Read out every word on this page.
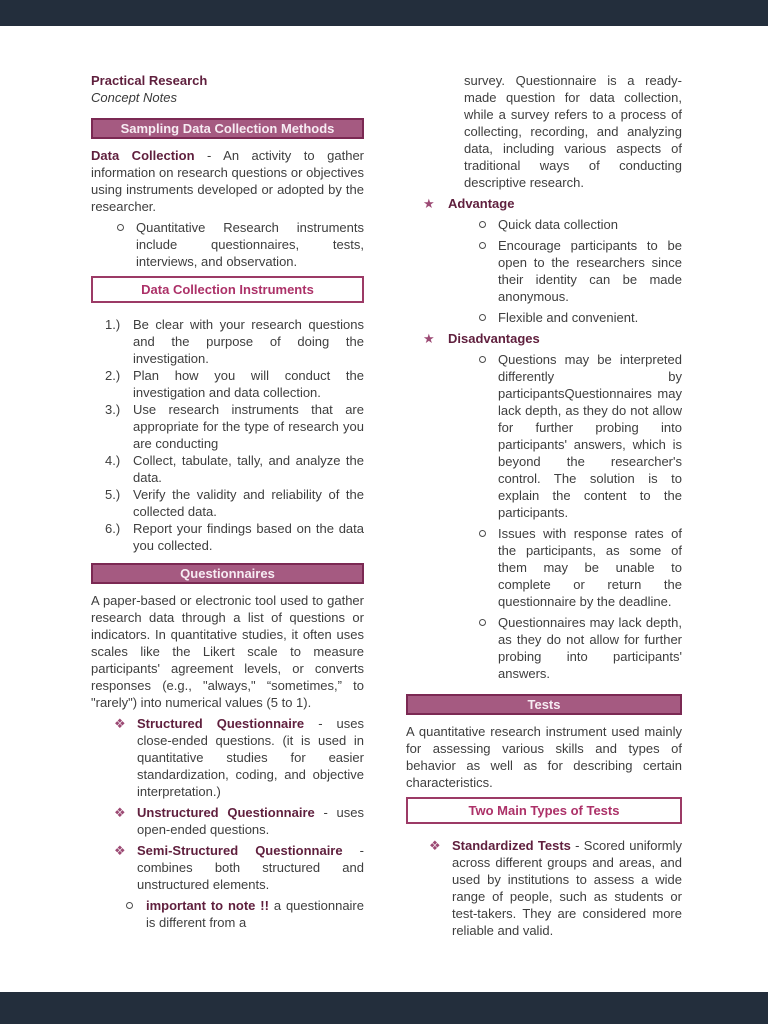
Practical Research
Concept Notes
Sampling Data Collection Methods

Data Collection - An activity to gather information on research questions or objectives using instruments developed or adopted by the researcher.

Quantitative Research instruments include questionnaires, tests, interviews, and observation.
Data Collection Instruments
1.) Be clear with your research questions and the purpose of doing the investigation.
2.) Plan how you will conduct the investigation and data collection.
3.) Use research instruments that are appropriate for the type of research you are conducting
4.) Collect, tabulate, tally, and analyze the data.
5.) Verify the validity and reliability of the collected data.
6.) Report your findings based on the data you collected.
Questionnaires

A paper-based or electronic tool used to gather research data through a list of questions or indicators. In quantitative studies, it often uses scales like the Likert scale to measure participants' agreement levels, or converts responses (e.g., "always," “sometimes,” to "rarely") into numerical values (5 to 1).

❖ Structured Questionnaire - uses close-ended questions. (it is used in quantitative studies for easier standardization, coding, and objective interpretation.)
❖ Unstructured Questionnaire - uses open-ended questions.
❖ Semi-Structured Questionnaire - combines both structured and unstructured elements.
important to note !! a questionnaire is different from a

survey. Questionnaire is a ready-made question for data collection, while a survey refers to a process of collecting, recording, and analyzing data, including various aspects of traditional ways of conducting descriptive research.

★ Advantage
Quick data collection
Encourage participants to be open to the researchers since their identity can be made anonymous.
Flexible and convenient.
★ Disadvantages
Questions may be interpreted differently by participantsQuestionnaires may lack depth, as they do not allow for further probing into participants' answers, which is beyond the researcher's control. The solution is to explain the content to the participants.
Issues with response rates of the participants, as some of them may be unable to complete or return the questionnaire by the deadline.
Questionnaires may lack depth, as they do not allow for further probing into participants' answers.
Tests

A quantitative research instrument used mainly for assessing various skills and types of behavior as well as for describing certain characteristics.

Two Main Types of Tests
❖ Standardized Tests - Scored uniformly across different groups and areas, and used by institutions to assess a wide range of people, such as students or test-takers. They are considered more reliable and valid.
